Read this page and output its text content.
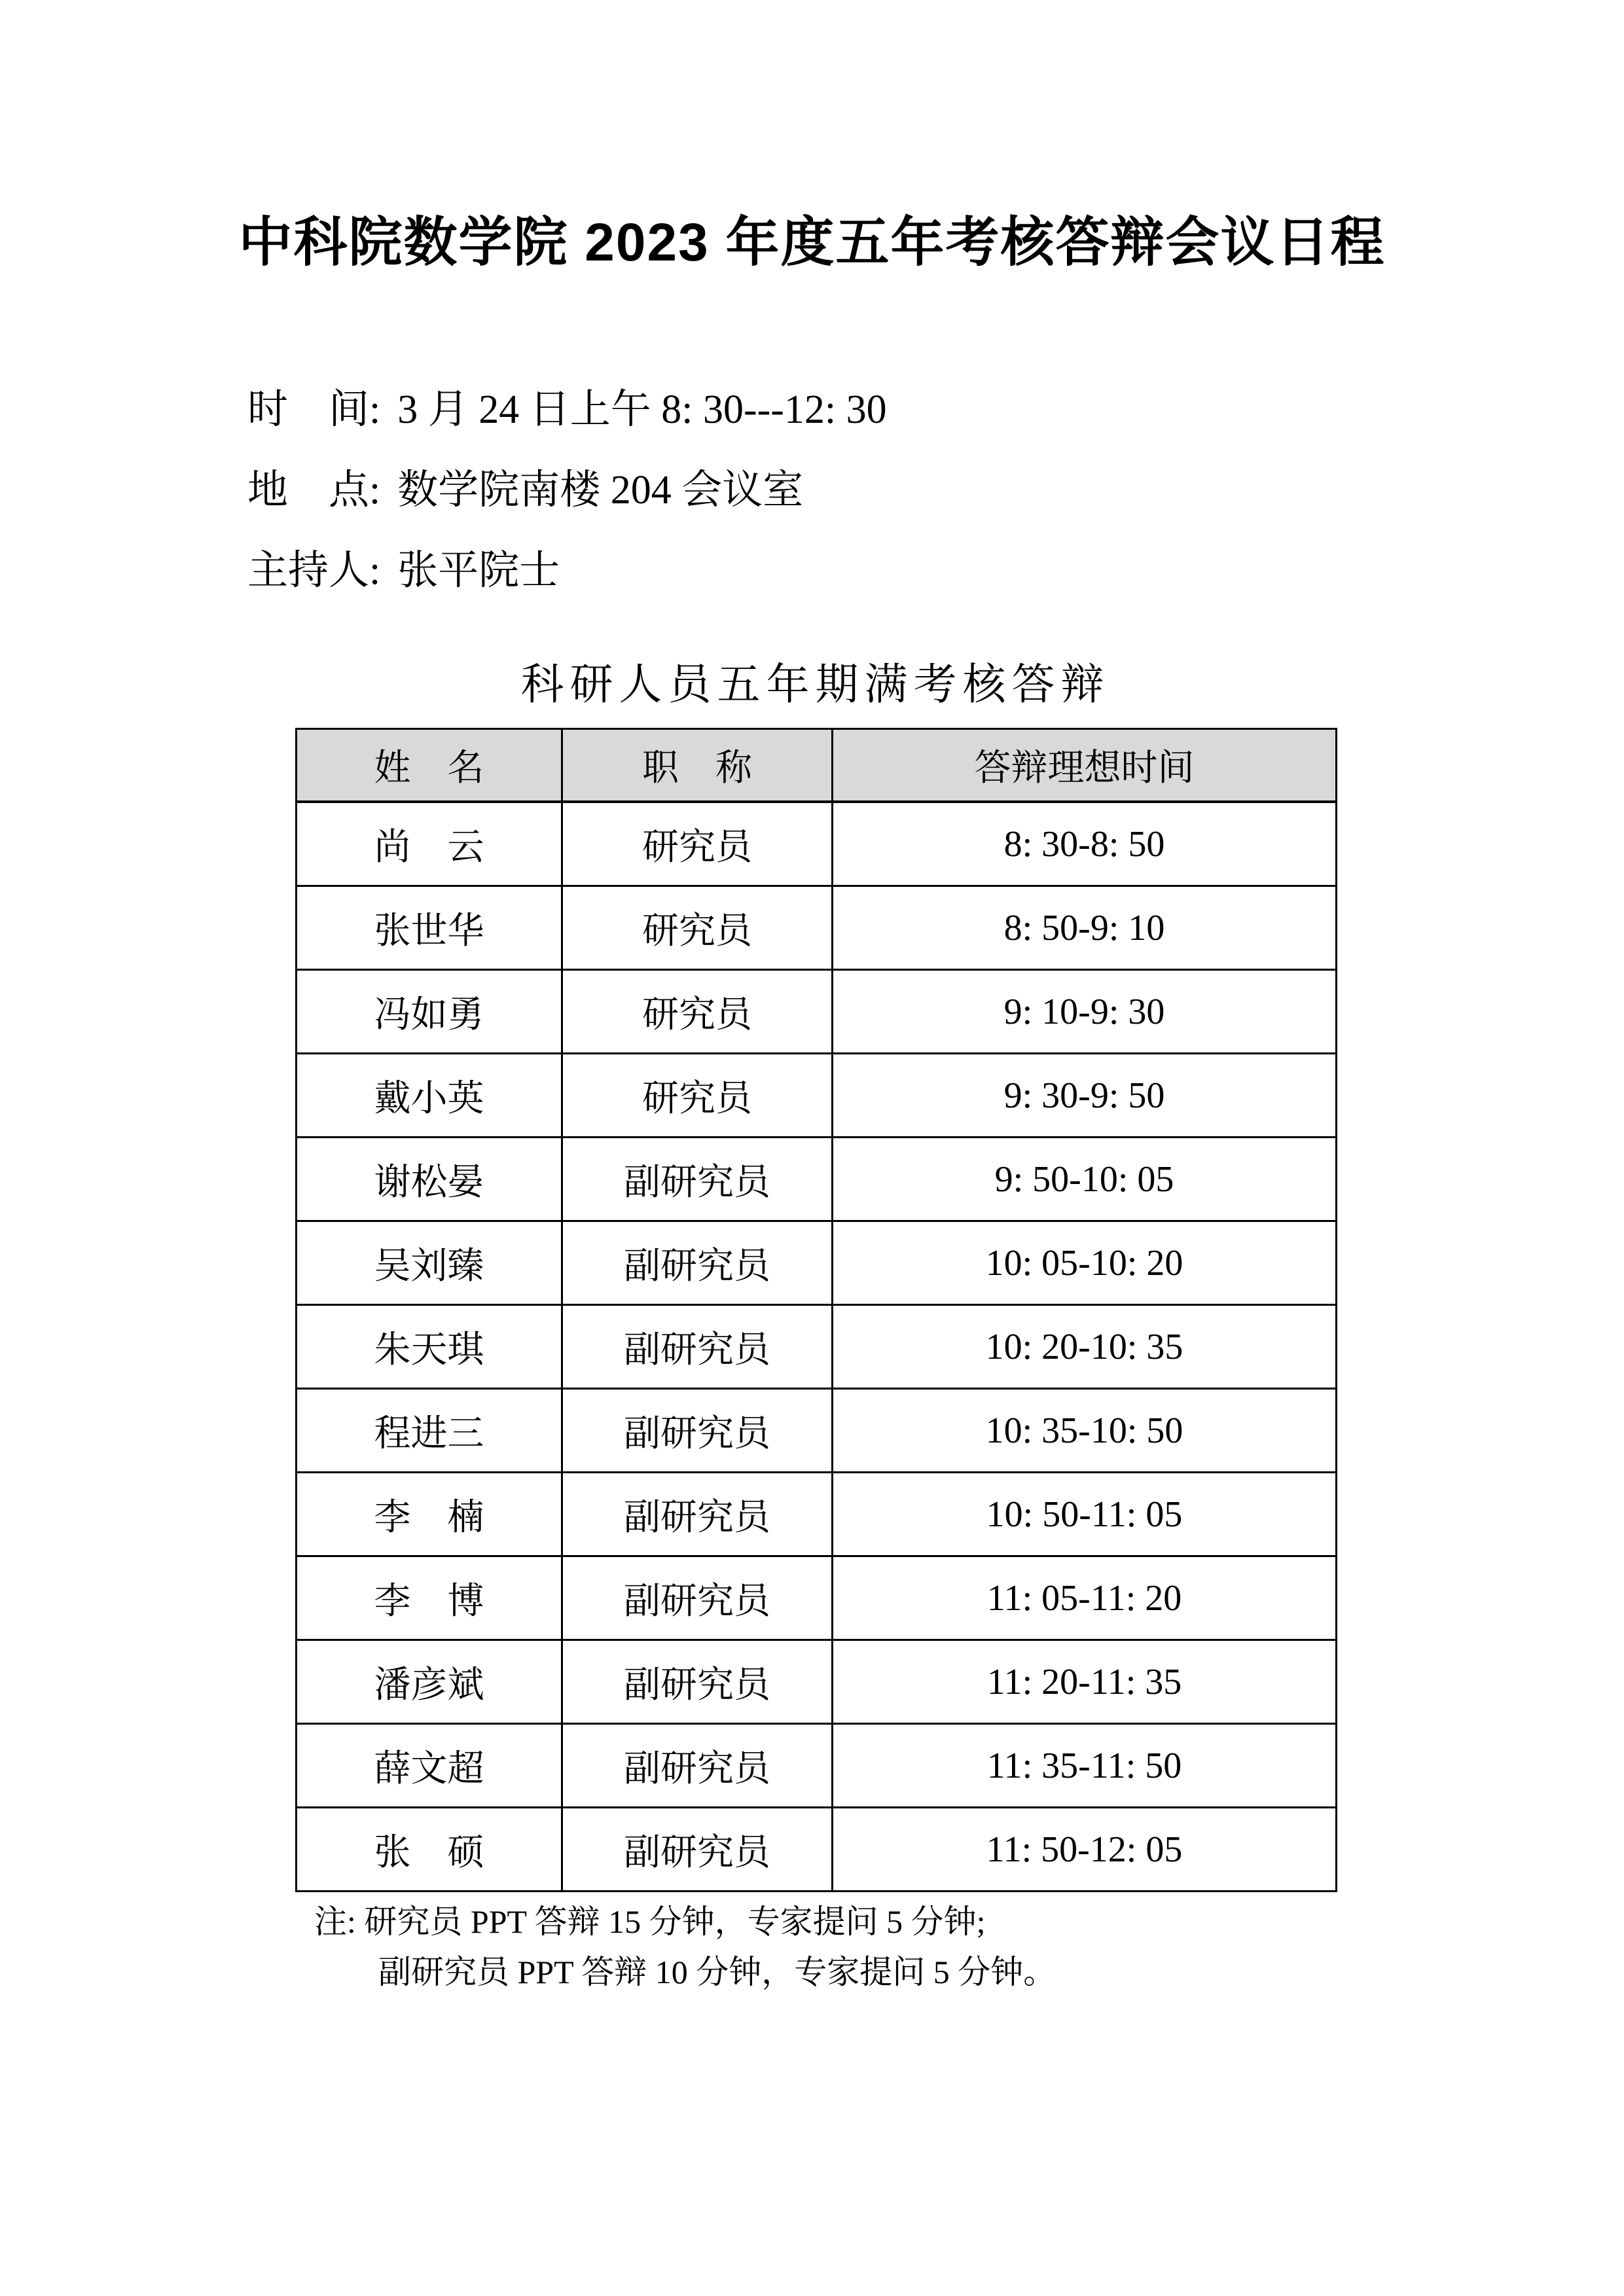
中科院数学院 2023 年度五年考核答辩会议日程

时　间: 3 月 24 日上午 8: 30---12: 30

地　点: 数学院南楼 204 会议室

主持人: 张平院士

科研人员五年期满考核答辩
姓　名	职　称	答辩理想时间
尚　云	研究员	8: 30-8: 50
张世华	研究员	8: 50-9: 10
冯如勇	研究员	9: 10-9: 30
戴小英	研究员	9: 30-9: 50
谢松晏	副研究员	9: 50-10: 05
吴刘臻	副研究员	10: 05-10: 20
朱天琪	副研究员	10: 20-10: 35
程进三	副研究员	10: 35-10: 50
李　楠	副研究员	10: 50-11: 05
李　博	副研究员	11: 05-11: 20
潘彦斌	副研究员	11: 20-11: 35
薛文超	副研究员	11: 35-11: 50
张　硕	副研究员	11: 50-12: 05

注: 研究员 PPT 答辩 15 分钟，专家提问 5 分钟;

副研究员 PPT 答辩 10 分钟，专家提问 5 分钟。
